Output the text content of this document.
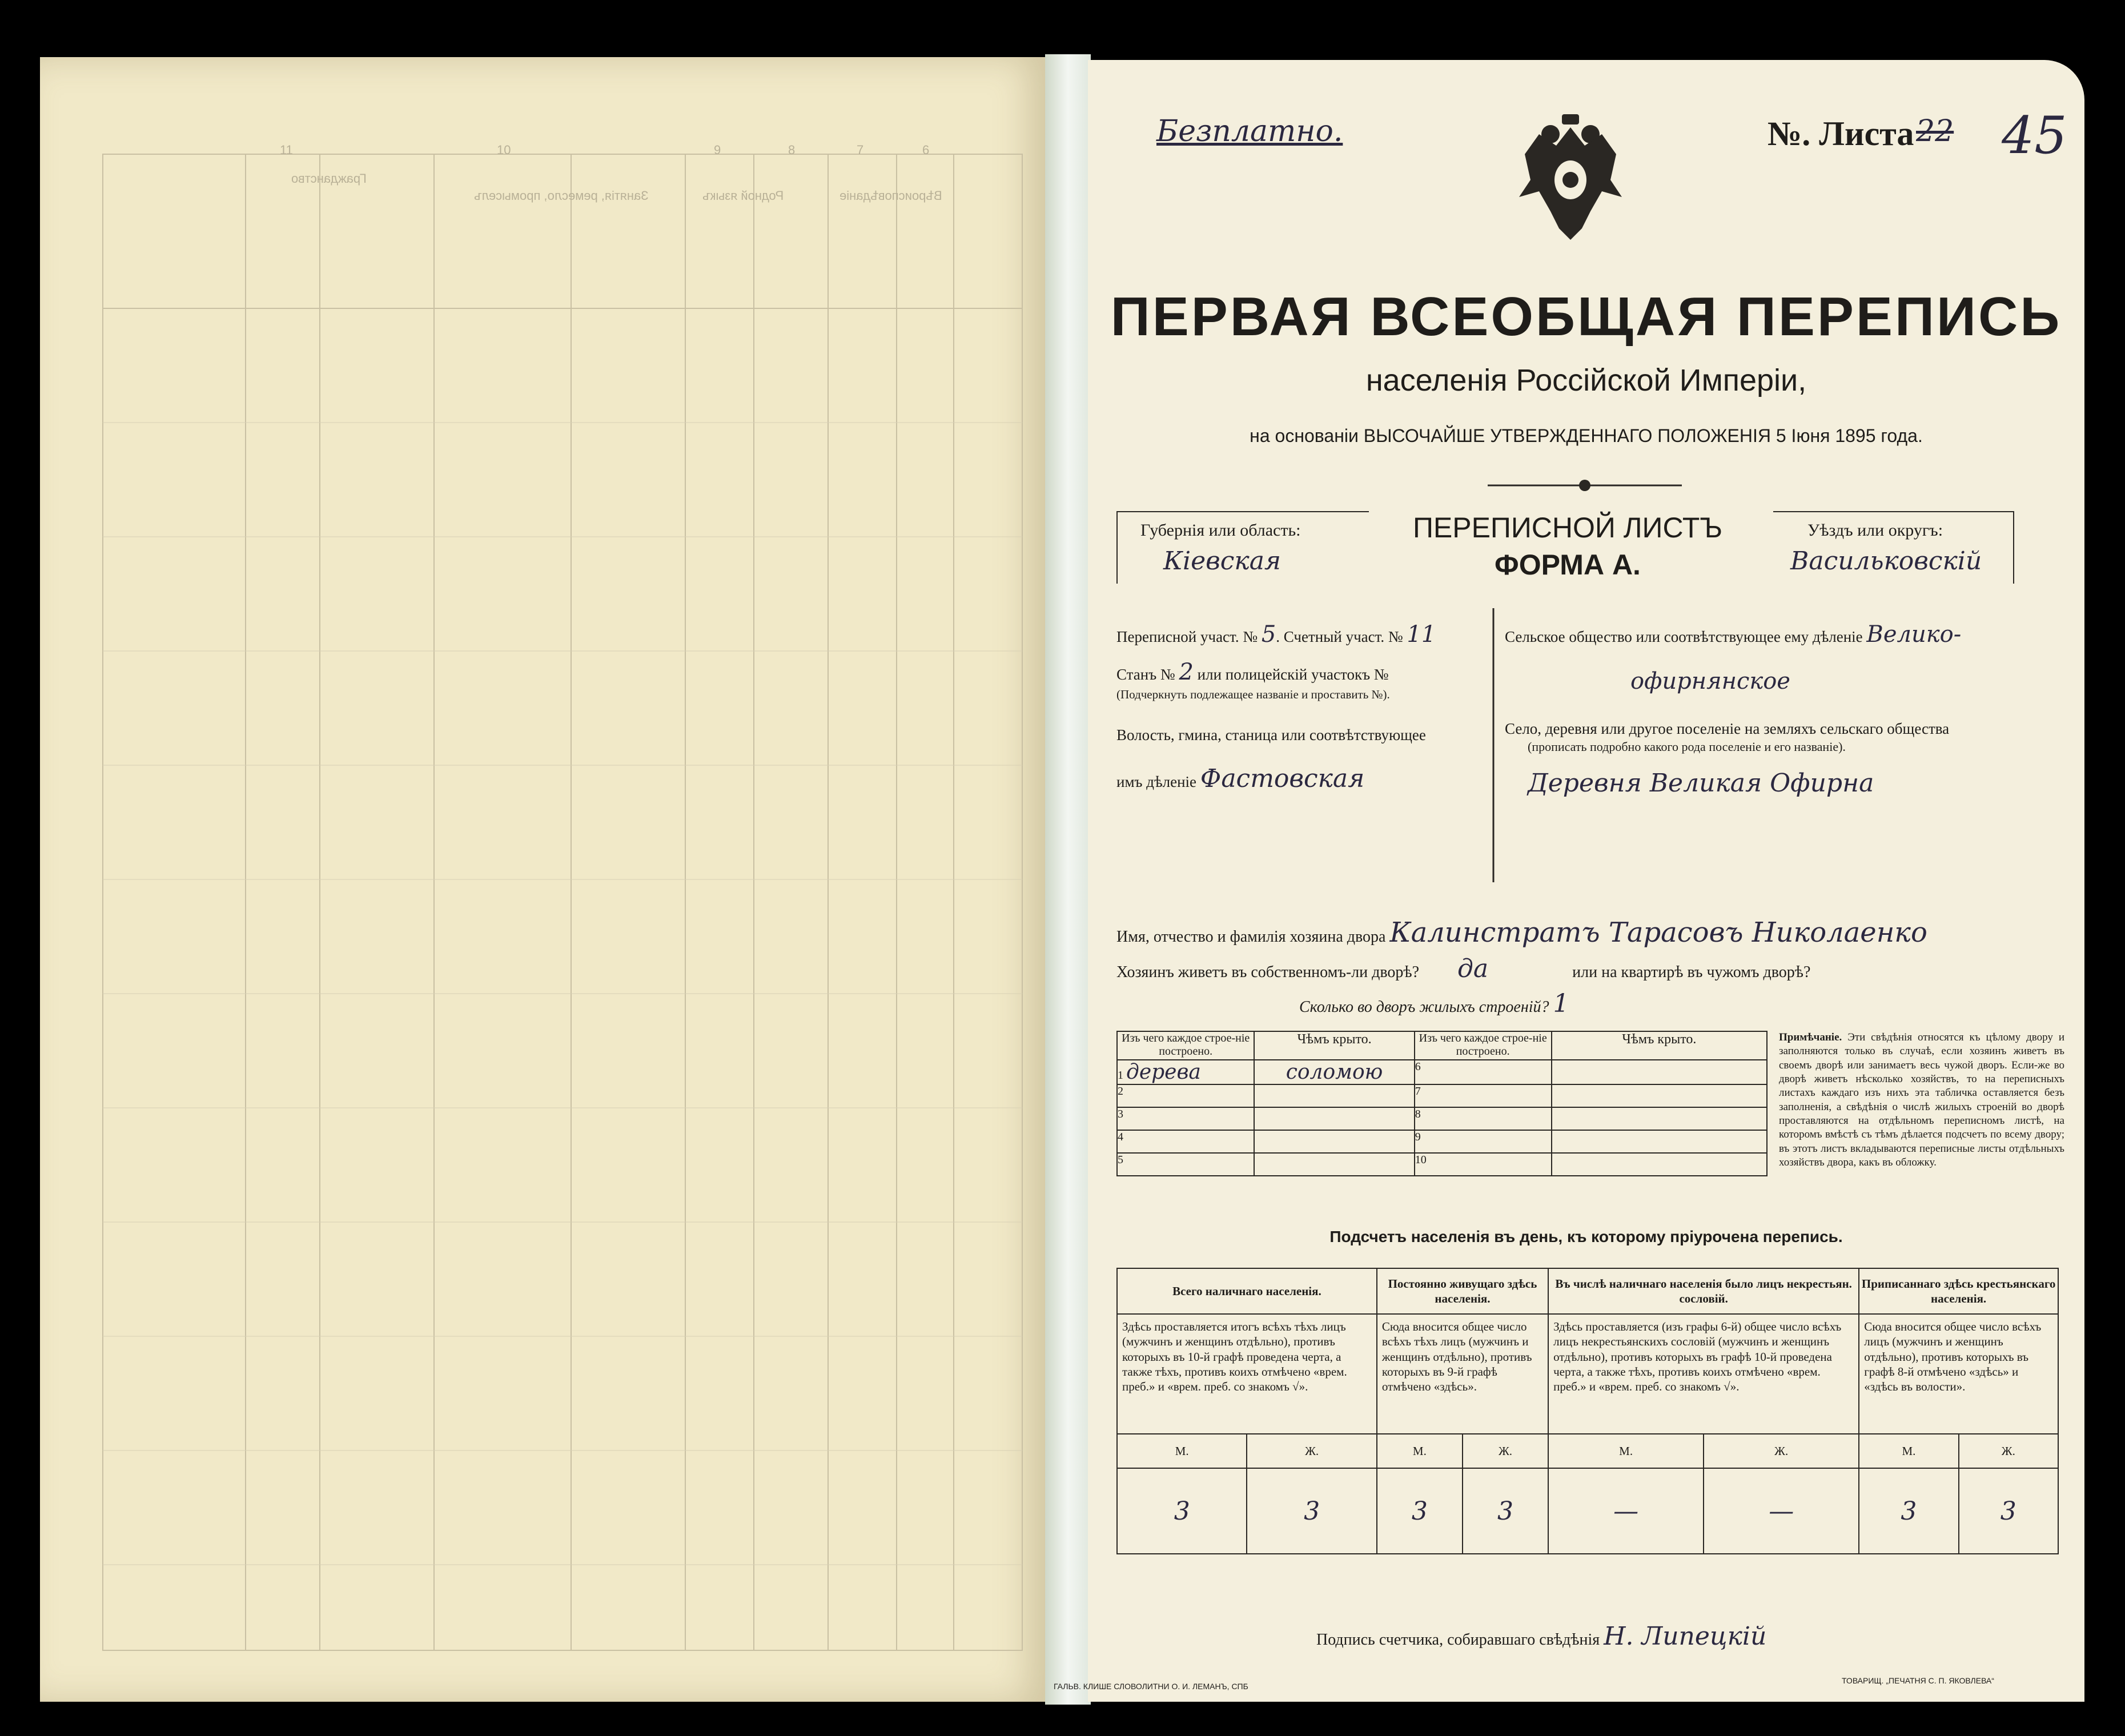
Гражданство
Занятія, ремесло, промыселъ	Родной языкъ	Вѣроисповѣданіе
11	10	9	8	7	6
Безплатно.	№. Листа 22 45
ПЕРВАЯ ВСЕОБЩАЯ ПЕРЕПИСЬ
населенія Россійской Имперіи,
на основаніи ВЫСОЧАЙШЕ УТВЕРЖДЕННАГО ПОЛОЖЕНІЯ 5 Іюня 1895 года.
Губернія или область:
Кіевская
ПЕРЕПИСНОЙ ЛИСТЪ
ФОРМА А.
Уѣздъ или округъ:
Васильковскій
Переписной участ. № 5. Счетный участ. № 11
Станъ № 2 или полицейскій участокъ №
(Подчеркнуть подлежащее названіе и проставить №).
Волость, гмина, станица или соотвѣтствующее
имъ дѣленіе Фастовская
Сельское общество или соотвѣтствующее ему дѣленіе Велико-
офирнянское
Село, деревня или другое поселеніе на земляхъ сельскаго общества
(прописать подробно какого рода поселеніе и его названіе).
Деревня Великая Офирна
Имя, отчество и фамилія хозяина двора Калинстратъ Тарасовъ Николаенко
Хозяинъ живетъ въ собственномъ-ли дворѣ? да	или на квартирѣ въ чужомъ дворѣ?
Сколько во дворъ жилыхъ строеній? 1
Изъ чего каждое строе-ніе построено.	Чѣмъ крыто.	Изъ чего каждое строе-ніе построено.	Чѣмъ крыто.
1 дерева	соломою	6	
2		7	
3		8	
4		9	
5		10	
Примѣчаніе. Эти свѣдѣнія относятся къ цѣлому двору и заполняются только въ случаѣ, если хозяинъ живетъ въ своемъ дворѣ или занимаетъ весь чужой дворъ. Если-же во дворѣ живетъ нѣсколько хозяйствъ, то на переписныхъ листахъ каждаго изъ нихъ эта табличка оставляется безъ заполненія, а свѣдѣнія о числѣ жилыхъ строеній во дворѣ проставляются на отдѣльномъ переписномъ листѣ, на которомъ вмѣстѣ съ тѣмъ дѣлается подсчетъ по всему двору; въ этотъ листъ вкладываются переписные листы отдѣльныхъ хозяйствъ двора, какъ въ обложку.
Подсчетъ населенія въ день, къ которому пріурочена перепись.
Всего наличнаго населенія.		Постоянно живущаго здѣсь населенія.		Въ числѣ наличнаго населенія было лицъ некрестьян. сословій.		Приписаннаго здѣсь крестьянскаго населенія.	
Здѣсь проставляется итогъ всѣхъ тѣхъ лицъ (мужчинъ и женщинъ отдѣльно), противъ которыхъ въ 10-й графѣ проведена черта, а также тѣхъ, противъ коихъ отмѣчено «врем. преб.» и «врем. преб. со знакомъ √».		Сюда вносится общее число всѣхъ тѣхъ лицъ (мужчинъ и женщинъ отдѣльно), противъ которыхъ въ 9-й графѣ отмѣчено «здѣсь».		Здѣсь проставляется (изъ графы 6-й) общее число всѣхъ лицъ некрестьянскихъ сословій (мужчинъ и женщинъ отдѣльно), противъ которыхъ въ графѣ 10-й проведена черта, а также тѣхъ, противъ коихъ отмѣчено «врем. преб.» и «врем. преб. со знакомъ √».		Сюда вносится общее число всѣхъ лицъ (мужчинъ и женщинъ отдѣльно), противъ которыхъ въ графѣ 8-й отмѣчено «здѣсь» и «здѣсь въ волости».	
М.	Ж.	М.	Ж.	М.	Ж.	М.	Ж.
3	3	3	3	—	—	3	3
Подпись счетчика, собиравшаго свѣдѣнія Н. Липецкій
ГАЛЬВ. КЛИШЕ СЛОВОЛИТНИ О. И. ЛЕМАНЪ, СПБ
ТОВАРИЩ. „ПЕЧАТНЯ С. П. ЯКОВЛЕВА“
